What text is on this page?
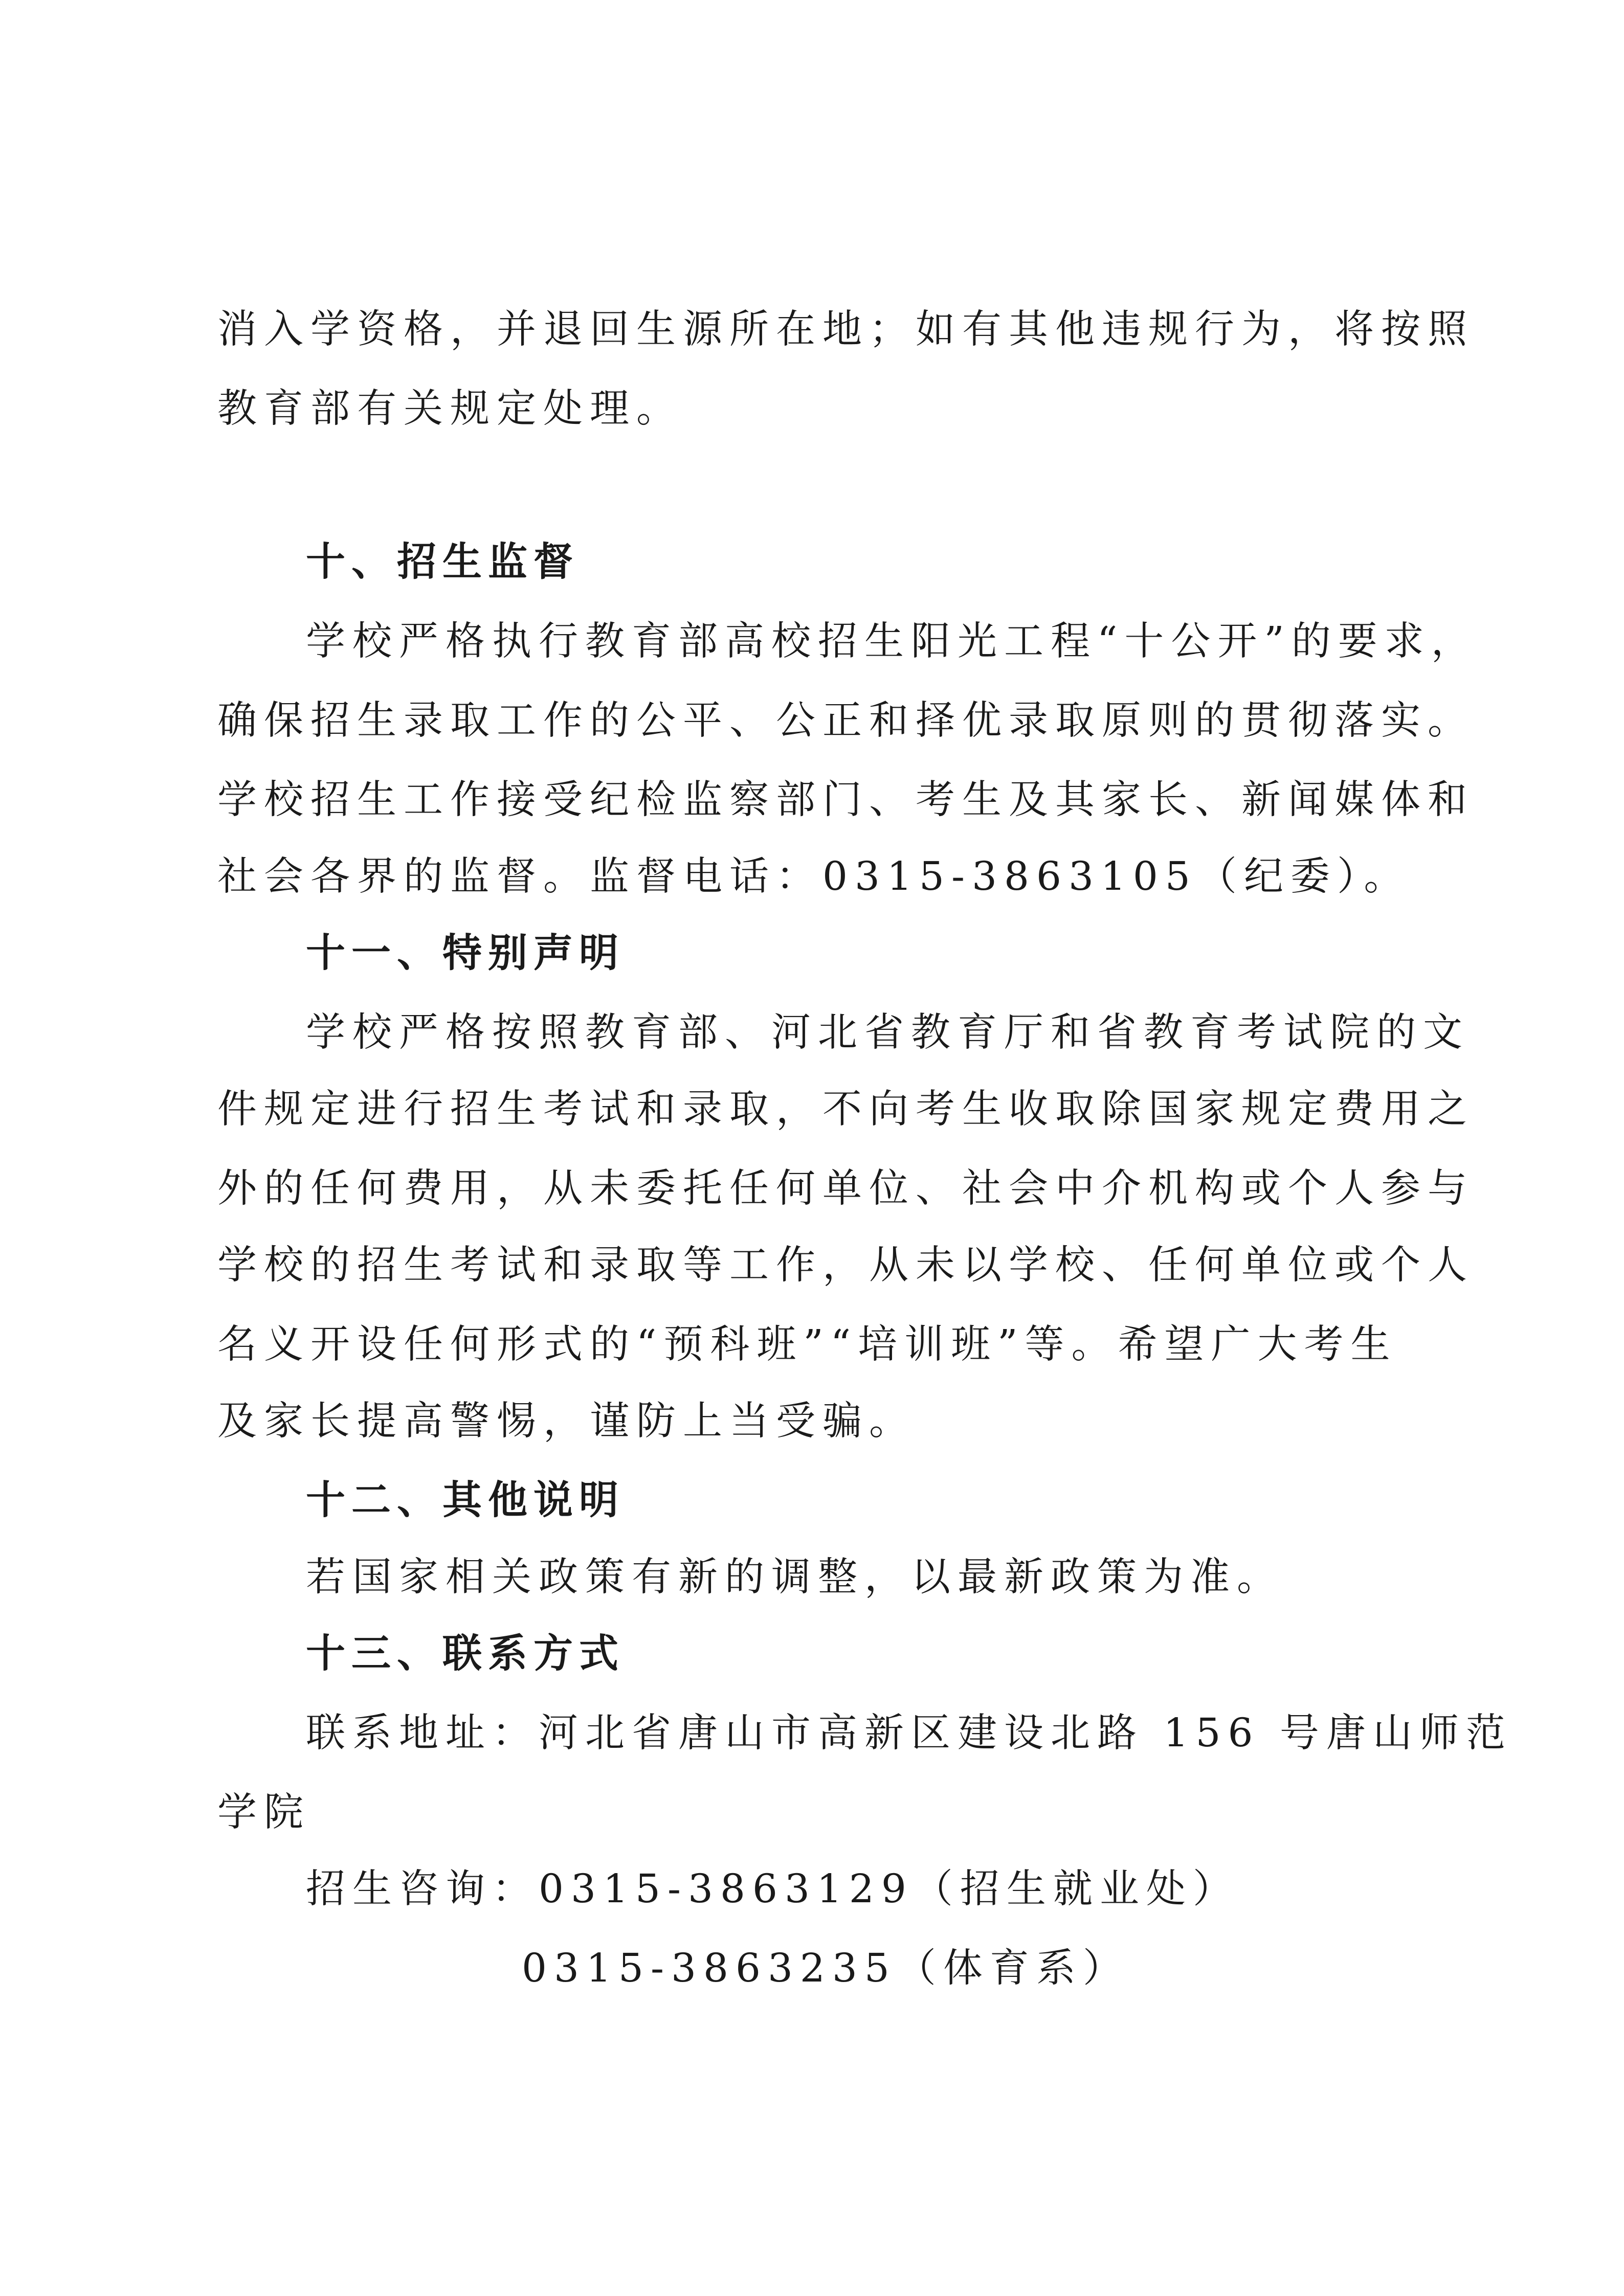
消入学资格，并退回生源所在地；如有其他违规行为，将按照
教育部有关规定处理。
十、招生监督
学校严格执行教育部高校招生阳光工程“十公开”的要求，
确保招生录取工作的公平、公正和择优录取原则的贯彻落实。
学校招生工作接受纪检监察部门、考生及其家长、新闻媒体和
社会各界的监督。监督电话：0315-3863105（纪委）。
十一、特别声明
学校严格按照教育部、河北省教育厅和省教育考试院的文
件规定进行招生考试和录取，不向考生收取除国家规定费用之
外的任何费用，从未委托任何单位、社会中介机构或个人参与
学校的招生考试和录取等工作，从未以学校、任何单位或个人
名义开设任何形式的“预科班”“培训班”等。希望广大考生
及家长提高警惕，谨防上当受骗。
十二、其他说明
若国家相关政策有新的调整，以最新政策为准。
十三、联系方式
联系地址：河北省唐山市高新区建设北路 156 号唐山师范
学院
招生咨询：0315-3863129（招生就业处）
0315-3863235（体育系）
